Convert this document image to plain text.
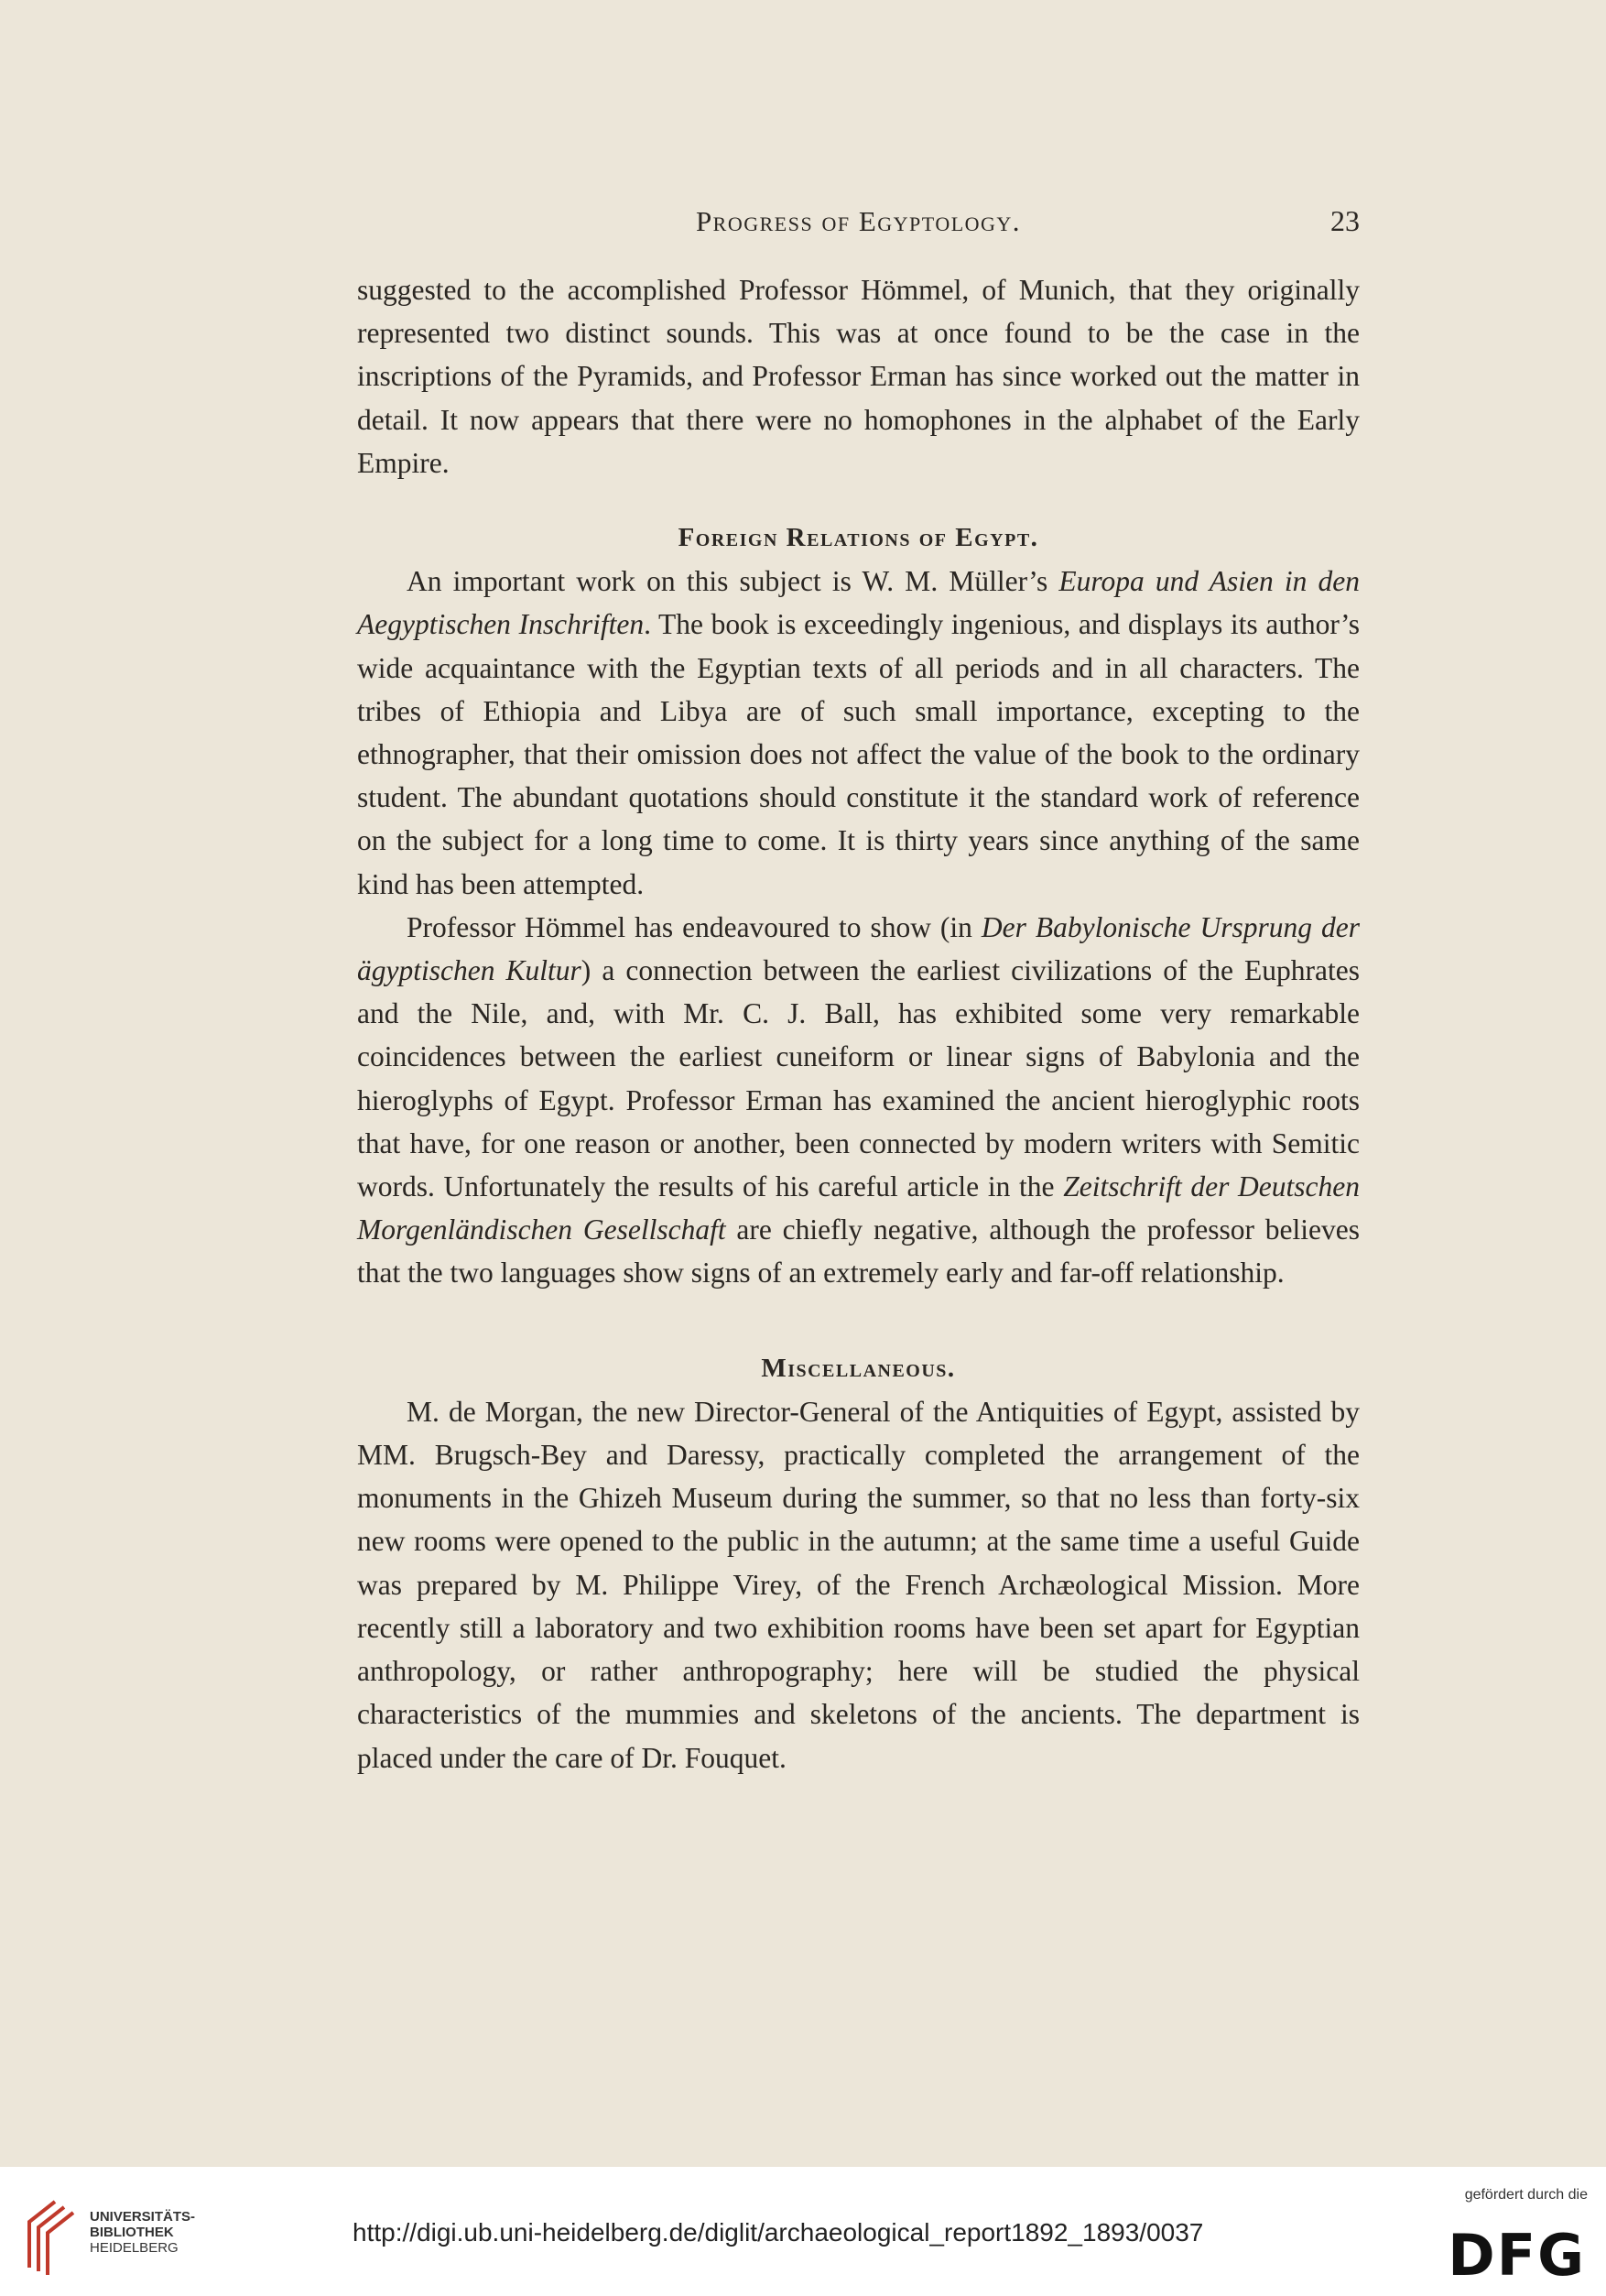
Progress of Egyptology.	23

suggested to the accomplished Professor Hömmel, of Munich, that they originally represented two distinct sounds. This was at once found to be the case in the inscriptions of the Pyramids, and Professor Erman has since worked out the matter in detail. It now appears that there were no homophones in the alphabet of the Early Empire.

Foreign Relations of Egypt.

An important work on this subject is W. M. Müller’s Europa und Asien in den Aegyptischen Inschriften. The book is exceedingly ingenious, and displays its author’s wide acquaintance with the Egyptian texts of all periods and in all characters. The tribes of Ethiopia and Libya are of such small importance, excepting to the ethnographer, that their omission does not affect the value of the book to the ordinary student. The abundant quotations should constitute it the standard work of reference on the subject for a long time to come. It is thirty years since anything of the same kind has been attempted.

Professor Hömmel has endeavoured to show (in Der Babylonische Ursprung der ägyptischen Kultur) a connection between the earliest civilizations of the Euphrates and the Nile, and, with Mr. C. J. Ball, has exhibited some very remarkable coincidences between the earliest cuneiform or linear signs of Babylonia and the hieroglyphs of Egypt. Professor Erman has examined the ancient hieroglyphic roots that have, for one reason or another, been connected by modern writers with Semitic words. Unfortunately the results of his careful article in the Zeitschrift der Deutschen Morgenländischen Gesellschaft are chiefly negative, although the professor believes that the two languages show signs of an extremely early and far-off relationship.

Miscellaneous.

M. de Morgan, the new Director-General of the Antiquities of Egypt, assisted by MM. Brugsch-Bey and Daressy, practically completed the arrangement of the monuments in the Ghizeh Museum during the summer, so that no less than forty-six new rooms were opened to the public in the autumn; at the same time a useful Guide was prepared by M. Philippe Virey, of the French Archæological Mission. More recently still a laboratory and two exhibition rooms have been set apart for Egyptian anthropology, or rather anthropography; here will be studied the physical characteristics of the mummies and skeletons of the ancients. The department is placed under the care of Dr. Fouquet.

UNIVERSITÄTS-
BIBLIOTHEK
HEIDELBERG
http://digi.ub.uni-heidelberg.de/diglit/archaeological_report1892_1893/0037
gefördert durch die
DFG
